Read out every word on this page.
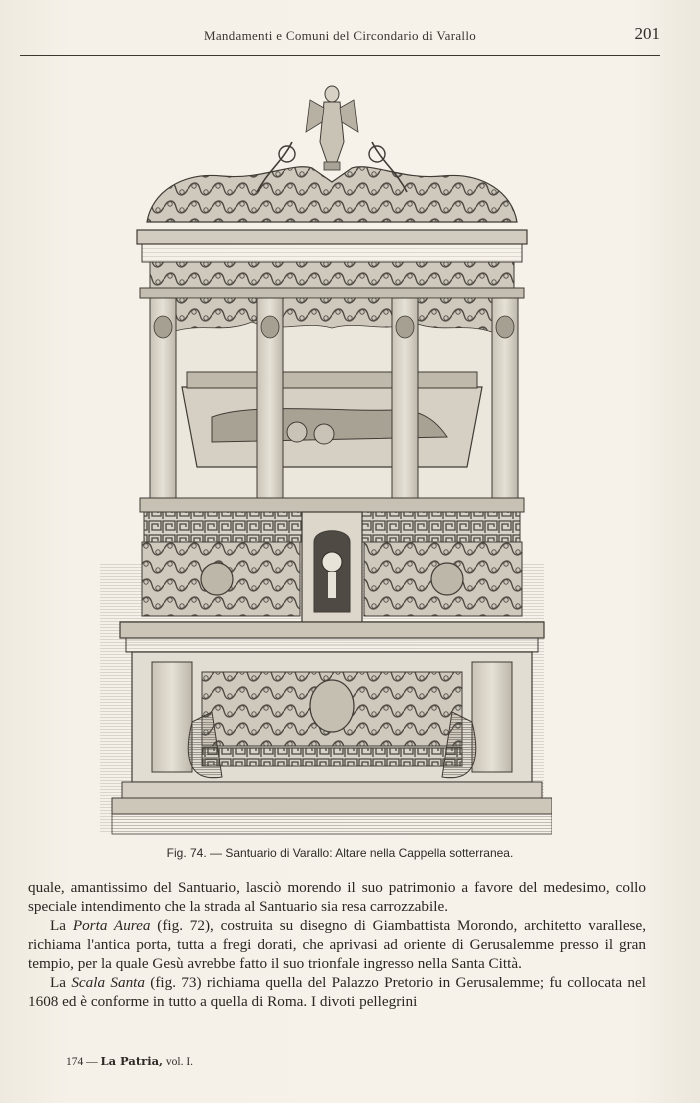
Mandamenti e Comuni del Circondario di Varallo	201
Fig. 74. — Santuario di Varallo: Altare nella Cappella sotterranea.

quale, amantissimo del Santuario, lasciò morendo il suo patrimonio a favore del medesimo, collo speciale intendimento che la strada al Santuario sia resa carrozzabile.

La Porta Aurea (fig. 72), costruita su disegno di Giambattista Morondo, architetto varallese, richiama l'antica porta, tutta a fregi dorati, che aprivasi ad oriente di Gerusalemme presso il gran tempio, per la quale Gesù avrebbe fatto il suo trionfale ingresso nella Santa Città.

La Scala Santa (fig. 73) richiama quella del Palazzo Pretorio in Gerusalemme; fu collocata nel 1608 ed è conforme in tutto a quella di Roma. I divoti pellegrini

174 — La Patria, vol. I.
